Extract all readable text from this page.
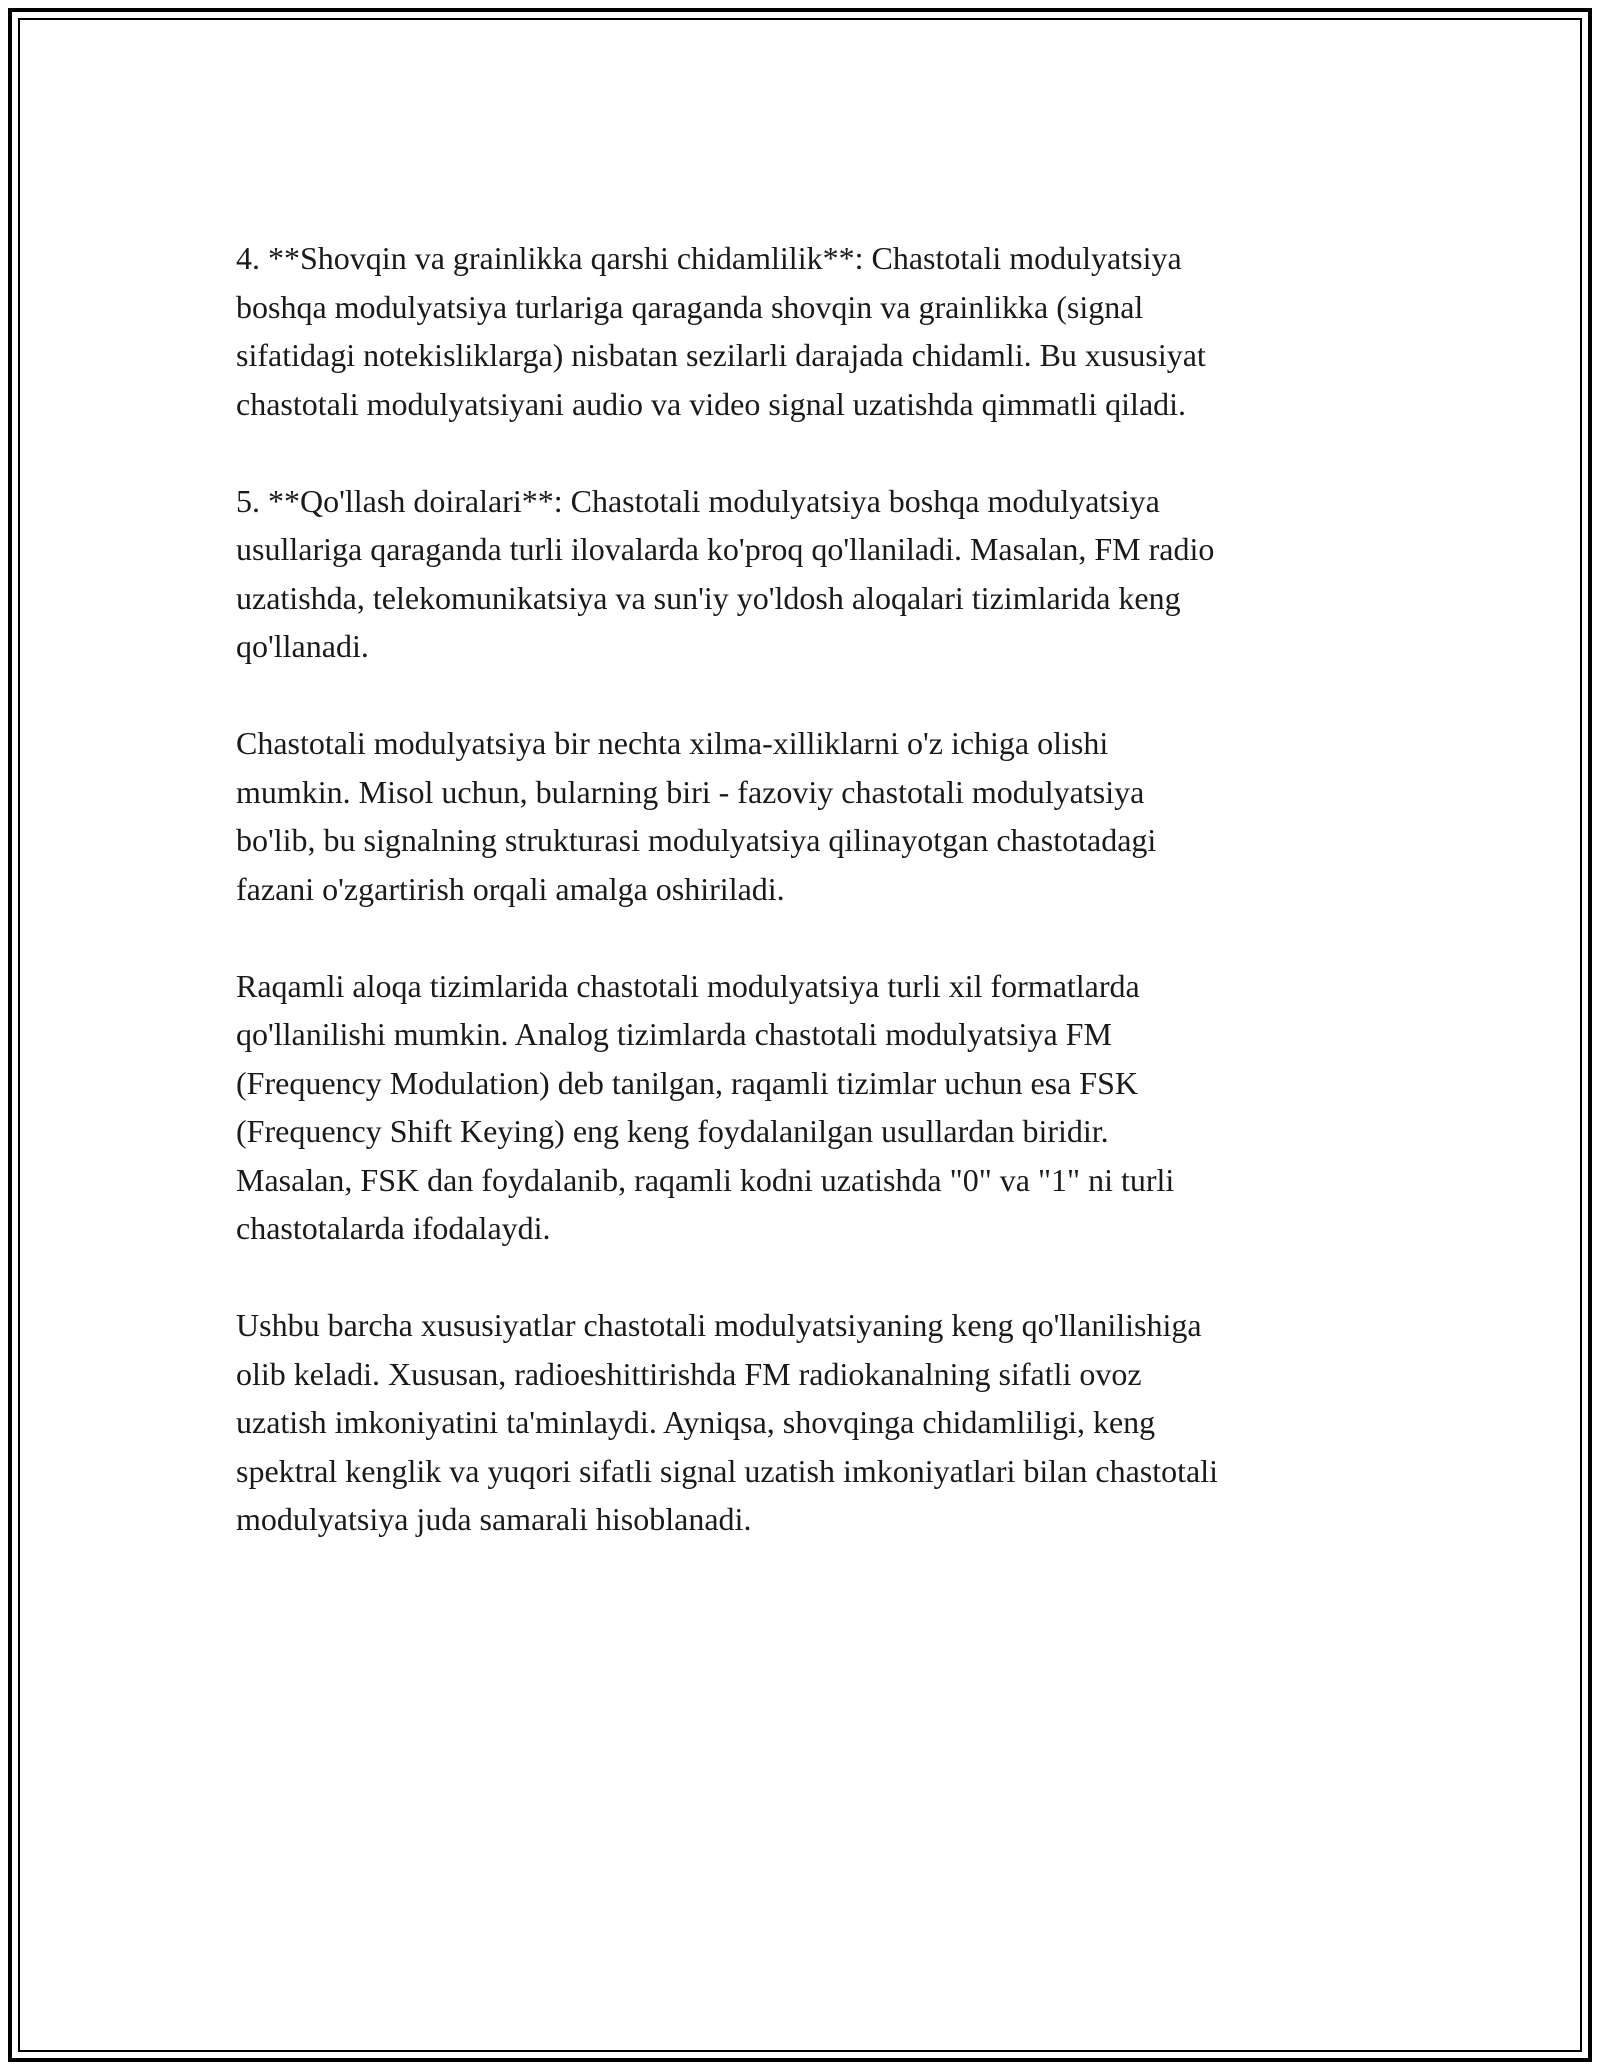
4. **Shovqin va grainlikka qarshi chidamlilik**: Chastotali modulyatsiya
boshqa modulyatsiya turlariga qaraganda shovqin va grainlikka (signal
sifatidagi notekisliklarga) nisbatan sezilarli darajada chidamli. Bu xususiyat
chastotali modulyatsiyani audio va video signal uzatishda qimmatli qiladi.

5. **Qo'llash doiralari**: Chastotali modulyatsiya boshqa modulyatsiya
usullariga qaraganda turli ilovalarda ko'proq qo'llaniladi. Masalan, FM radio
uzatishda, telekomunikatsiya va sun'iy yo'ldosh aloqalari tizimlarida keng
qo'llanadi.

Chastotali modulyatsiya bir nechta xilma-xilliklarni o'z ichiga olishi
mumkin. Misol uchun, bularning biri - fazoviy chastotali modulyatsiya
bo'lib, bu signalning strukturasi modulyatsiya qilinayotgan chastotadagi
fazani o'zgartirish orqali amalga oshiriladi.

Raqamli aloqa tizimlarida chastotali modulyatsiya turli xil formatlarda
qo'llanilishi mumkin. Analog tizimlarda chastotali modulyatsiya FM
(Frequency Modulation) deb tanilgan, raqamli tizimlar uchun esa FSK
(Frequency Shift Keying) eng keng foydalanilgan usullardan biridir.
Masalan, FSK dan foydalanib, raqamli kodni uzatishda "0" va "1" ni turli
chastotalarda ifodalaydi.

Ushbu barcha xususiyatlar chastotali modulyatsiyaning keng qo'llanilishiga
olib keladi. Xususan, radioeshittirishda FM radiokanalning sifatli ovoz
uzatish imkoniyatini ta'minlaydi. Ayniqsa, shovqinga chidamliligi, keng
spektral kenglik va yuqori sifatli signal uzatish imkoniyatlari bilan chastotali
modulyatsiya juda samarali hisoblanadi.
